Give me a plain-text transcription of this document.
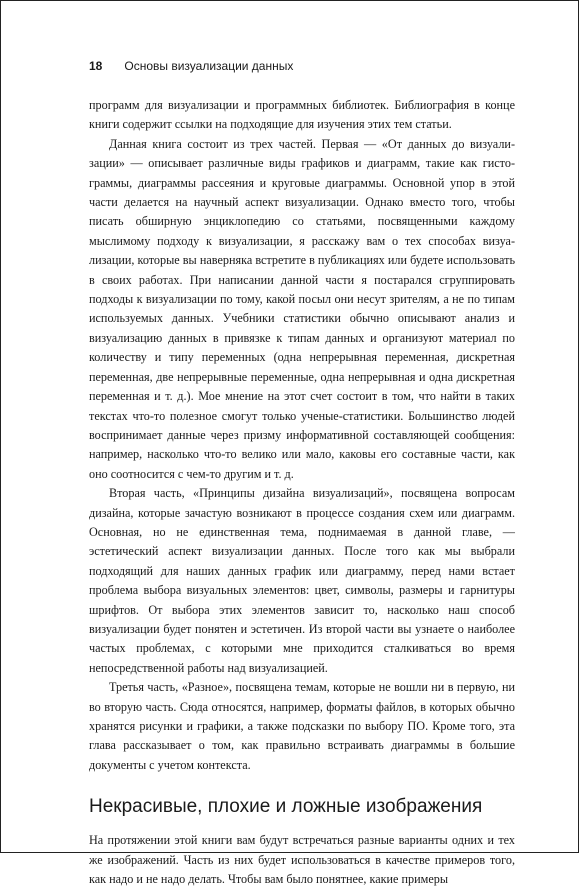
18 Основы визуализации данных

программ для визуализации и программных библиотек. Библиография в конце книги содержит ссылки на подходящие для изучения этих тем статьи.

Данная книга состоит из трех частей. Первая — «От данных до визуализации» — описывает различные виды графиков и диаграмм, такие как гистограммы, диаграммы рассеяния и круговые диаграммы. Основной упор в этой части делается на научный аспект визуализации. Однако вместо того, чтобы писать обширную энциклопедию со статьями, посвященными каждому мыслимому подходу к визуализации, я расскажу вам о тех способах визуализации, которые вы наверняка встретите в публикациях или будете использовать в своих работах. При написании данной части я постарался сгруппировать подходы к визуализации по тому, какой посыл они несут зрителям, а не по типам используемых данных. Учебники статистики обычно описывают анализ и визуализацию данных в привязке к типам данных и организуют материал по количеству и типу переменных (одна непрерывная переменная, дискретная переменная, две непрерывные переменные, одна непрерывная и одна дискретная переменная и т. д.). Мое мнение на этот счет состоит в том, что найти в таких текстах что-то полезное смогут только ученые-статистики. Большинство людей воспринимает данные через призму информативной составляющей сообщения: например, насколько что-то велико или мало, каковы его составные части, как оно соотносится с чем-то другим и т. д.

Вторая часть, «Принципы дизайна визуализаций», посвящена вопросам дизайна, которые зачастую возникают в процессе создания схем или диаграмм. Основная, но не единственная тема, поднимаемая в данной главе, — эстетический аспект визуализации данных. После того как мы выбрали подходящий для наших данных график или диаграмму, перед нами встает проблема выбора визуальных элементов: цвет, символы, размеры и гарнитуры шрифтов. От выбора этих элементов зависит то, насколько наш способ визуализации будет понятен и эстетичен. Из второй части вы узнаете о наиболее частых проблемах, с которыми мне приходится сталкиваться во время непосредственной работы над визуализацией.

Третья часть, «Разное», посвящена темам, которые не вошли ни в первую, ни во вторую часть. Сюда относятся, например, форматы файлов, в которых обычно хранятся рисунки и графики, а также подсказки по выбору ПО. Кроме того, эта глава рассказывает о том, как правильно встраивать диаграммы в большие документы с учетом контекста.

Некрасивые, плохие и ложные изображения

На протяжении этой книги вам будут встречаться разные варианты одних и тех же изображений. Часть из них будет использоваться в качестве примеров того, как надо и не надо делать. Чтобы вам было понятнее, какие примеры
